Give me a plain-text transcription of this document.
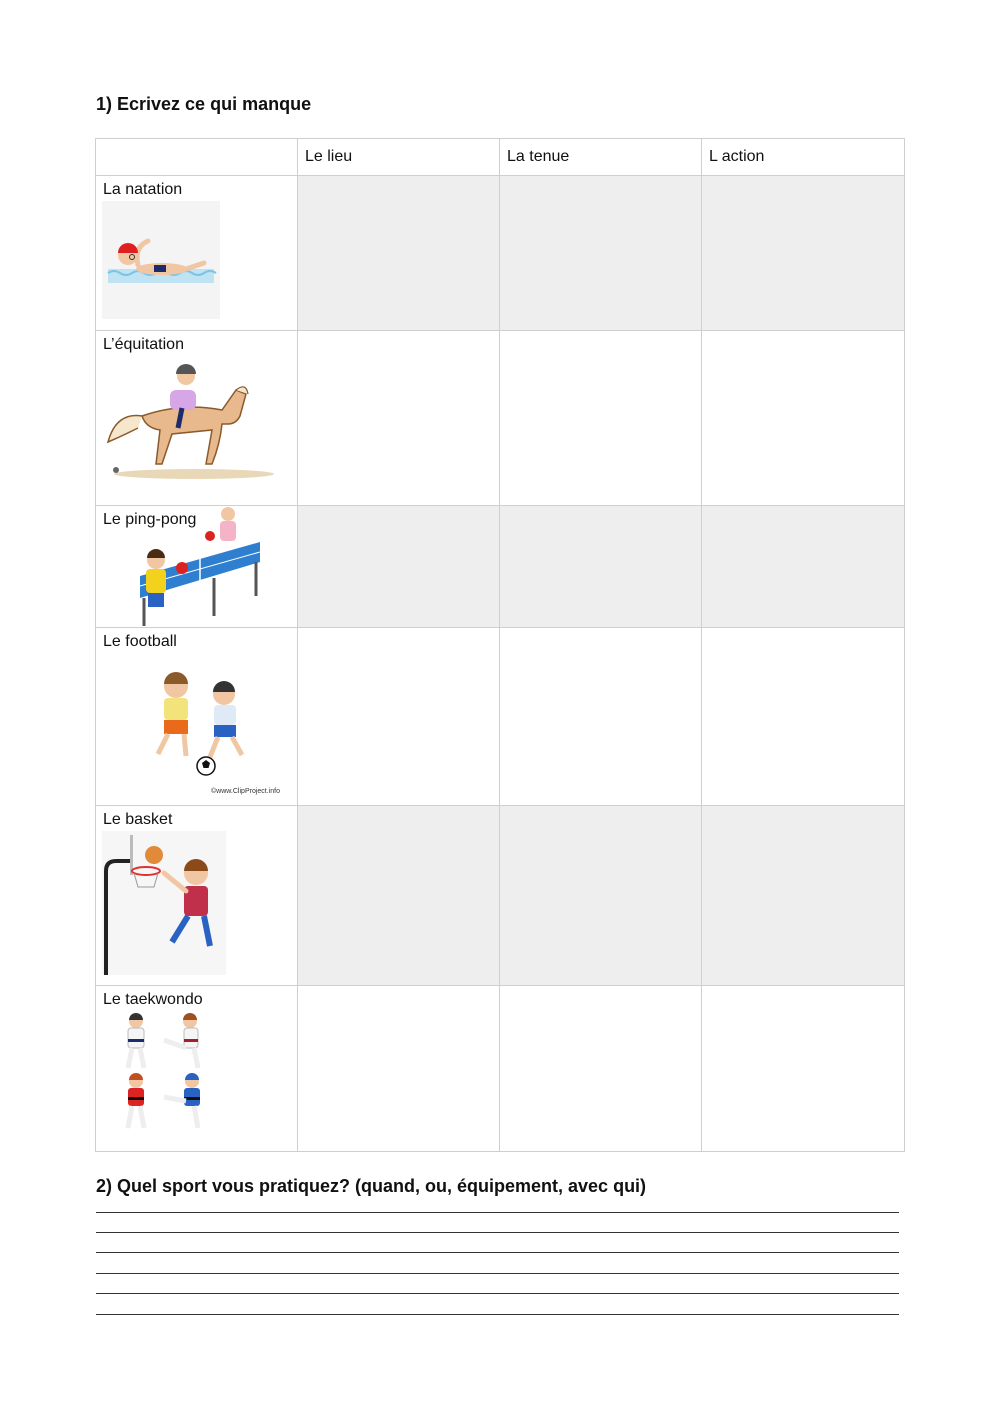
1) Ecrivez ce qui manque

	Le lieu	La tenue	L action

La natation			

L’équitation			

Le ping-pong			

Le football
©www.ClipProject.info			

Le basket			

Le taekwondo			

2) Quel sport vous pratiquez? (quand, ou, équipement, avec qui)
